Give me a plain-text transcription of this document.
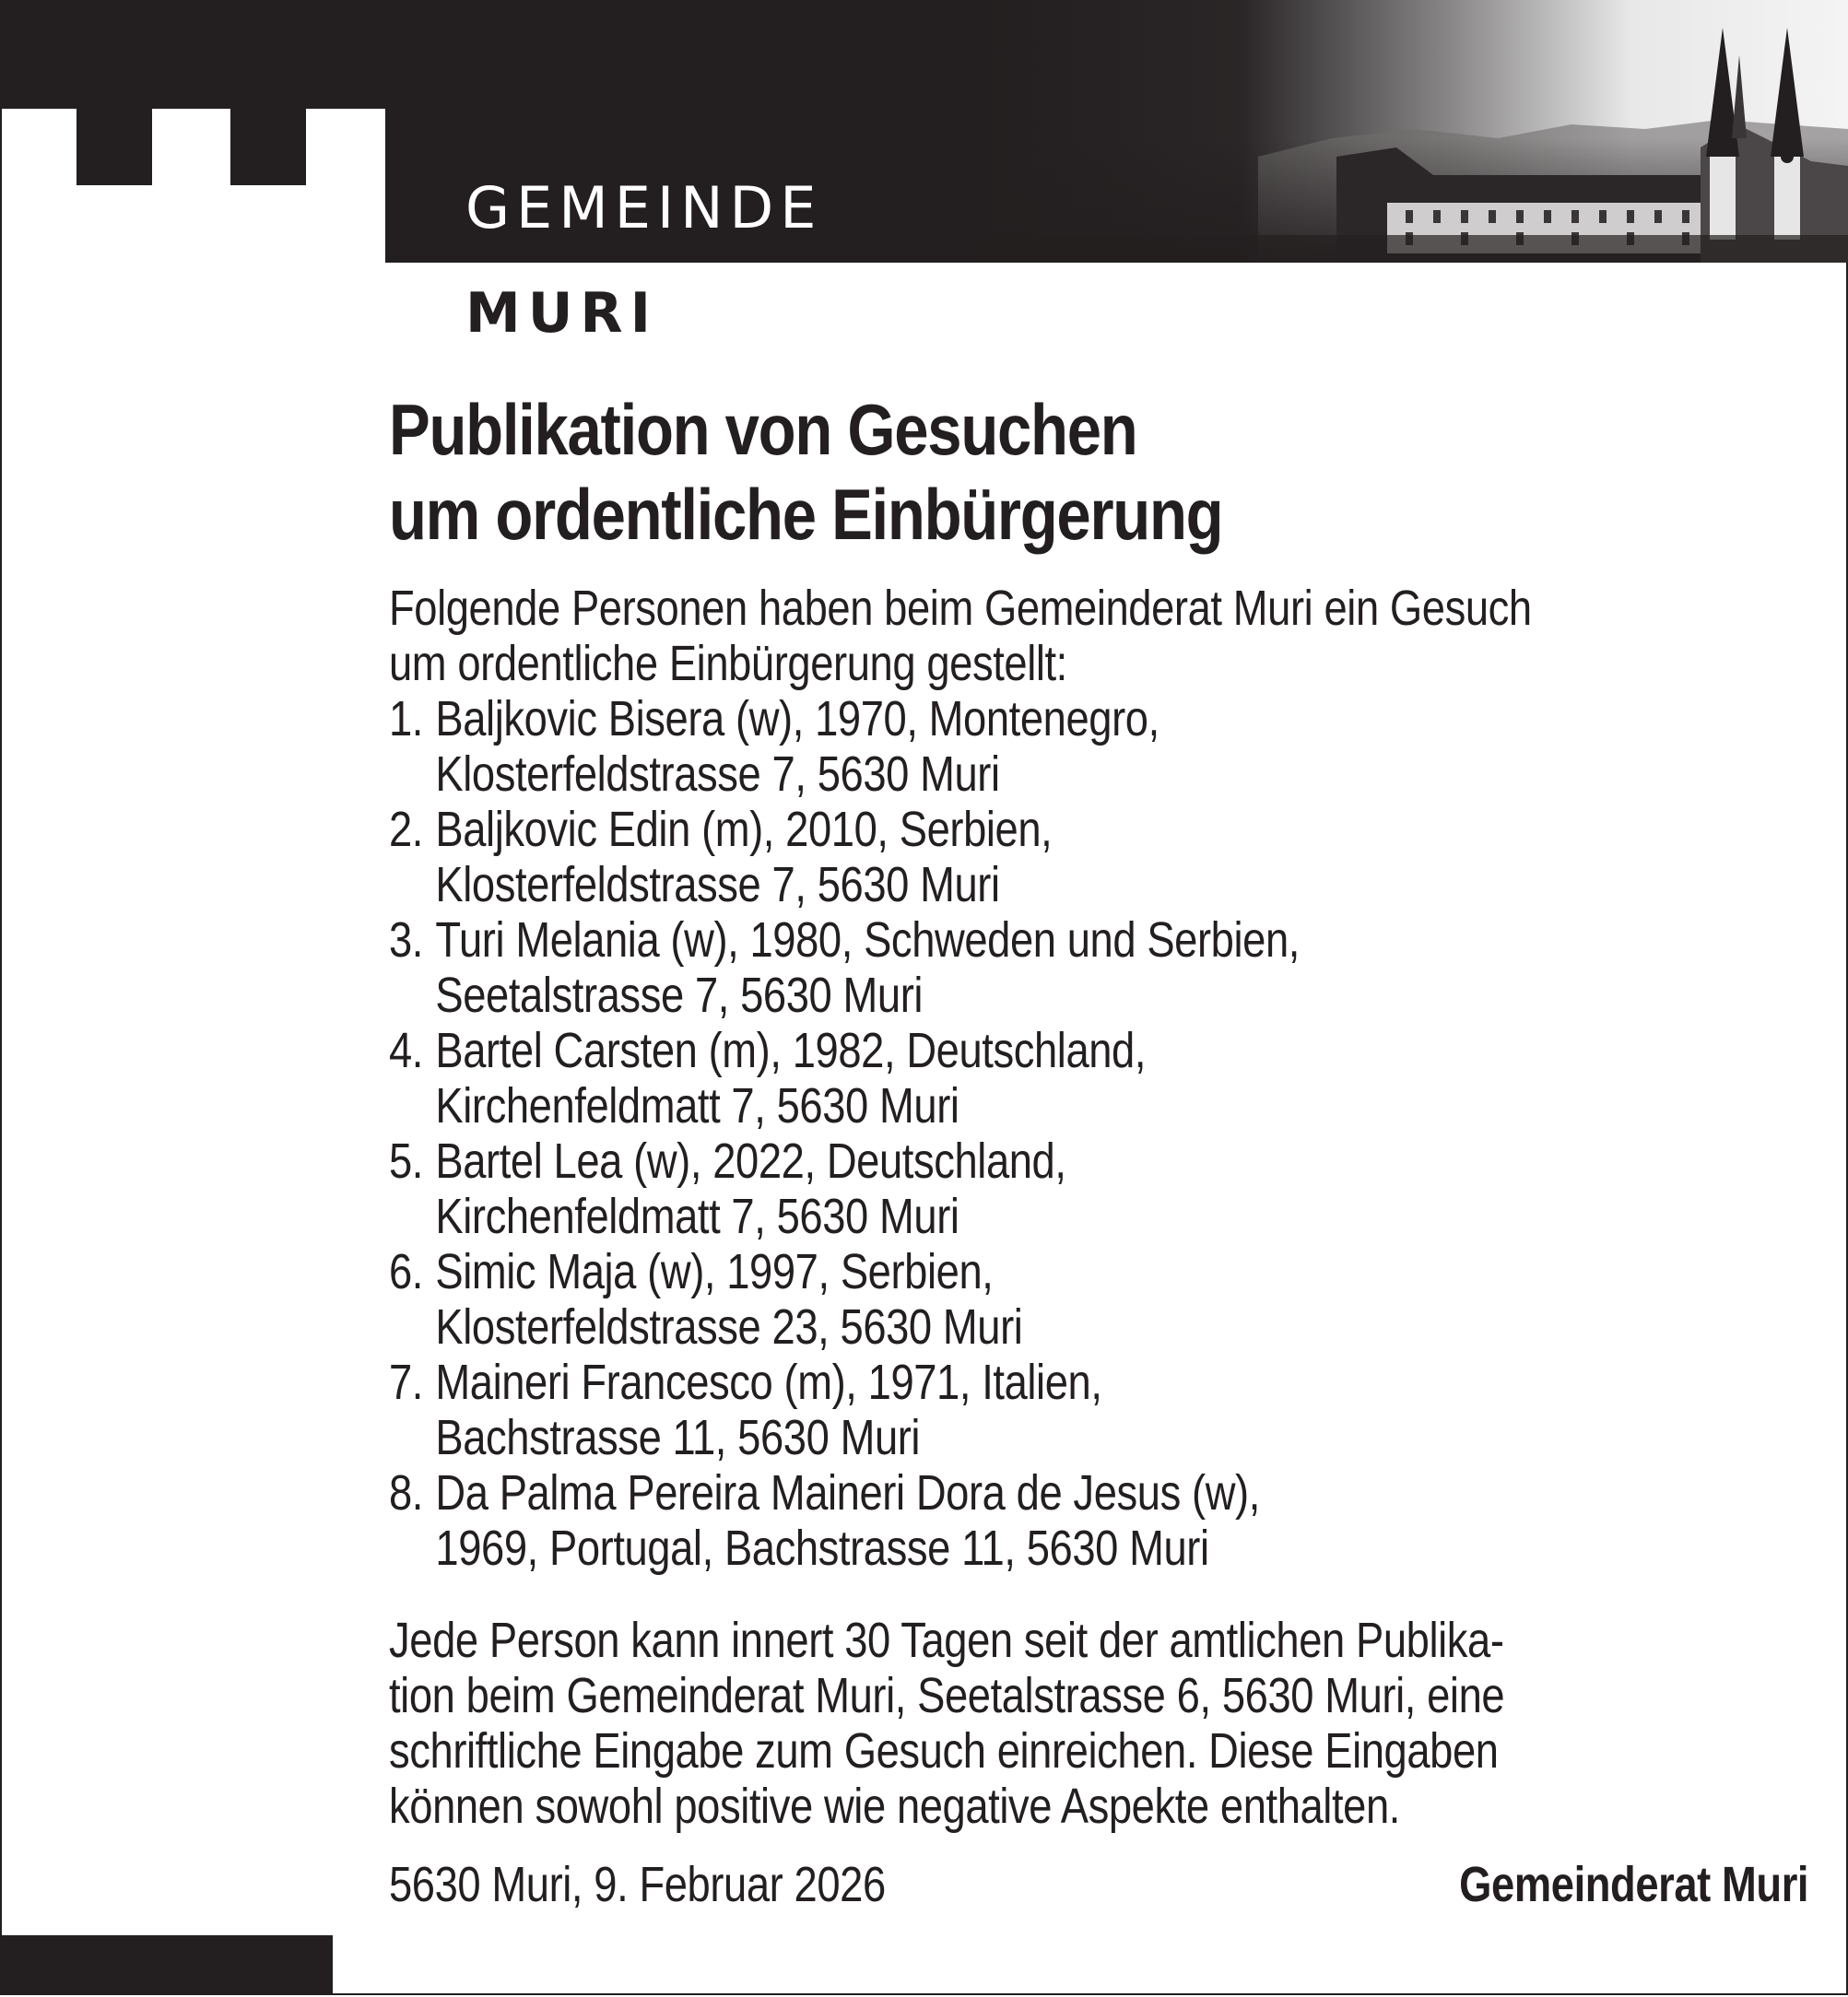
GEMEINDE
MURI
Publikation von Gesuchen
um ordentliche Einbürgerung
Folgende Personen haben beim Gemeinderat Muri ein Gesuch
um ordentliche Einbürgerung gestellt:
1. Baljkovic Bisera (w), 1970, Montenegro,
Klosterfeldstrasse 7, 5630 Muri
2. Baljkovic Edin (m), 2010, Serbien,
Klosterfeldstrasse 7, 5630 Muri
3. Turi Melania (w), 1980, Schweden und Serbien,
Seetalstrasse 7, 5630 Muri
4. Bartel Carsten (m), 1982, Deutschland,
Kirchenfeldmatt 7, 5630 Muri
5. Bartel Lea (w), 2022, Deutschland,
Kirchenfeldmatt 7, 5630 Muri
6. Simic Maja (w), 1997, Serbien,
Klosterfeldstrasse 23, 5630 Muri
7. Maineri Francesco (m), 1971, Italien,
Bachstrasse 11, 5630 Muri
8. Da Palma Pereira Maineri Dora de Jesus (w),
1969, Portugal, Bachstrasse 11, 5630 Muri
Jede Person kann innert 30 Tagen seit der amtlichen Publika-
tion beim Gemeinderat Muri, Seetalstrasse 6, 5630 Muri, eine
schriftliche Eingabe zum Gesuch einreichen. Diese Eingaben
können sowohl positive wie negative Aspekte enthalten.
5630 Muri, 9. Februar 2026	Gemeinderat Muri
